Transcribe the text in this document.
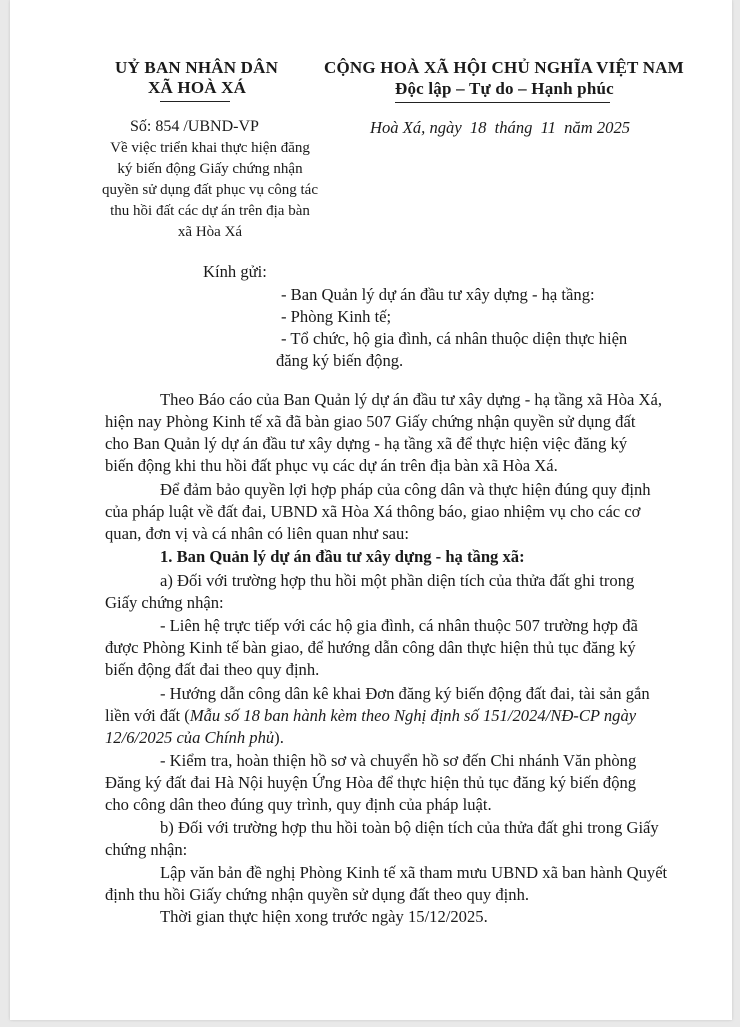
UỶ BAN NHÂN DÂN
XÃ HOÀ XÁ
CỘNG HOÀ XÃ HỘI CHỦ NGHĨA VIỆT NAM
Độc lập – Tự do – Hạnh phúc
Số: 854 /UBND-VP	Hoà Xá, ngày 18 tháng 11 năm 2025
Về việc triển khai thực hiện đăng
ký biến động Giấy chứng nhận
quyền sử dụng đất phục vụ công tác
thu hồi đất các dự án trên địa bàn
xã Hòa Xá
Kính gửi:
- Ban Quản lý dự án đầu tư xây dựng - hạ tầng:
- Phòng Kinh tế;
- Tổ chức, hộ gia đình, cá nhân thuộc diện thực hiện
đăng ký biến động.
Theo Báo cáo của Ban Quản lý dự án đầu tư xây dựng - hạ tầng xã Hòa Xá,
hiện nay Phòng Kinh tế xã đã bàn giao 507 Giấy chứng nhận quyền sử dụng đất
cho Ban Quản lý dự án đầu tư xây dựng - hạ tầng xã để thực hiện việc đăng ký
biến động khi thu hồi đất phục vụ các dự án trên địa bàn xã Hòa Xá.
Để đảm bảo quyền lợi hợp pháp của công dân và thực hiện đúng quy định
của pháp luật về đất đai, UBND xã Hòa Xá thông báo, giao nhiệm vụ cho các cơ
quan, đơn vị và cá nhân có liên quan như sau:
1. Ban Quản lý dự án đầu tư xây dựng - hạ tầng xã:
a) Đối với trường hợp thu hồi một phần diện tích của thửa đất ghi trong
Giấy chứng nhận:
- Liên hệ trực tiếp với các hộ gia đình, cá nhân thuộc 507 trường hợp đã
được Phòng Kinh tế bàn giao, để hướng dẫn công dân thực hiện thủ tục đăng ký
biến động đất đai theo quy định.
- Hướng dẫn công dân kê khai Đơn đăng ký biến động đất đai, tài sản gắn
liền với đất (Mẫu số 18 ban hành kèm theo Nghị định số 151/2024/NĐ-CP ngày
12/6/2025 của Chính phủ).
- Kiểm tra, hoàn thiện hồ sơ và chuyển hồ sơ đến Chi nhánh Văn phòng
Đăng ký đất đai Hà Nội huyện Ứng Hòa để thực hiện thủ tục đăng ký biến động
cho công dân theo đúng quy trình, quy định của pháp luật.
b) Đối với trường hợp thu hồi toàn bộ diện tích của thửa đất ghi trong Giấy
chứng nhận:
Lập văn bản đề nghị Phòng Kinh tế xã tham mưu UBND xã ban hành Quyết
định thu hồi Giấy chứng nhận quyền sử dụng đất theo quy định.
Thời gian thực hiện xong trước ngày 15/12/2025.
